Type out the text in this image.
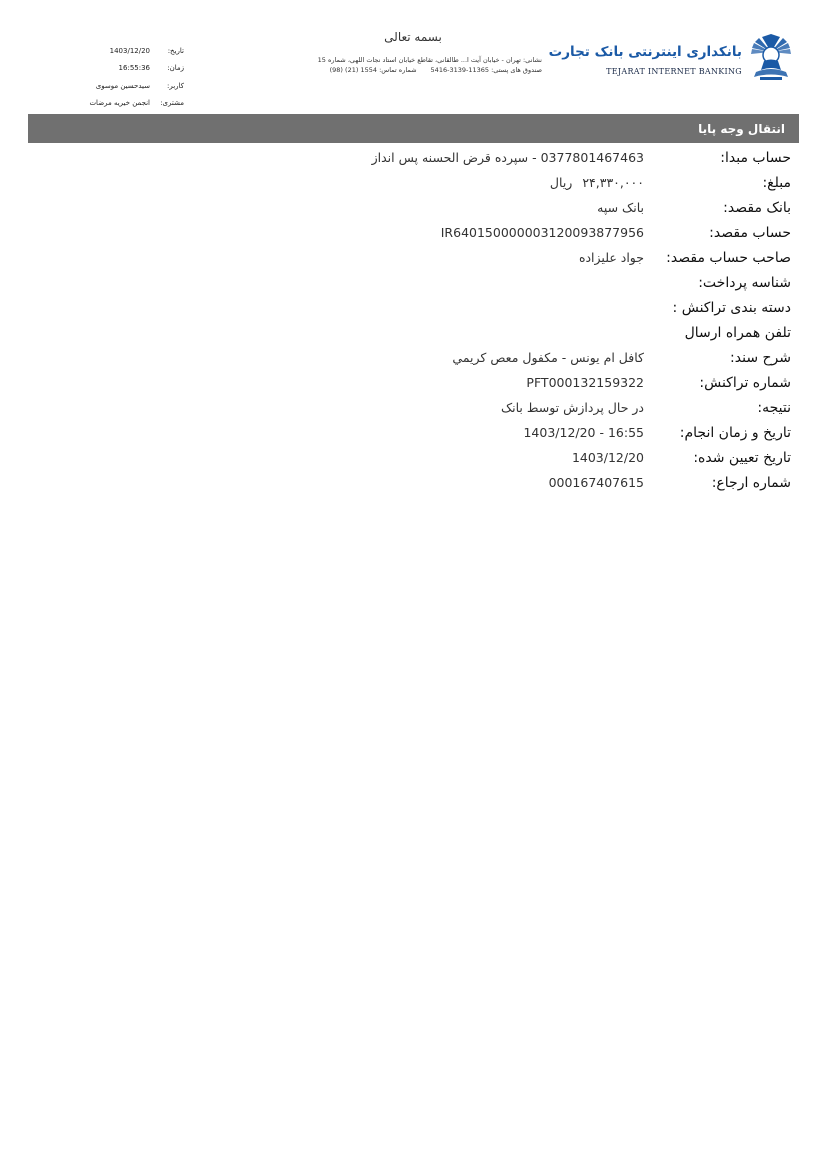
بانکداری اینترنتی بانک تجارت
TEJARAT INTERNET BANKING
بسمه تعالی
نشانی: تهران - خیابان آیت ا... طالقانی، تقاطع خیابان استاد نجات اللهی، شماره 15
صندوق های پستی: 11365-3139-5416شماره تماس: 1554 (21) (98)
تاریخ:
1403/12/20
زمان:
16:55:36
کاربر:
سیدحسین موسوی
مشتری:
انجمن خیریه مرضات
انتقال وجه پایا
حساب مبدا:
0377801467463 - سپرده قرض الحسنه پس انداز
مبلغ:
۲۴,۳۳۰,۰۰۰ریال
بانک مقصد:
بانک سپه
حساب مقصد:
IR640150000003120093877956
صاحب حساب مقصد:
جواد علیزاده
شناسه پرداخت:
دسته بندی تراکنش :
تلفن همراه ارسال
شرح سند:
کافل ام یونس - مکفول معص کریمي
شماره تراکنش:
PFT000132159322
نتیجه:
در حال پردازش توسط بانک
تاریخ و زمان انجام:
1403/12/20 - 16:55
تاریخ تعیین شده:
1403/12/20
شماره ارجاع:
000167407615
